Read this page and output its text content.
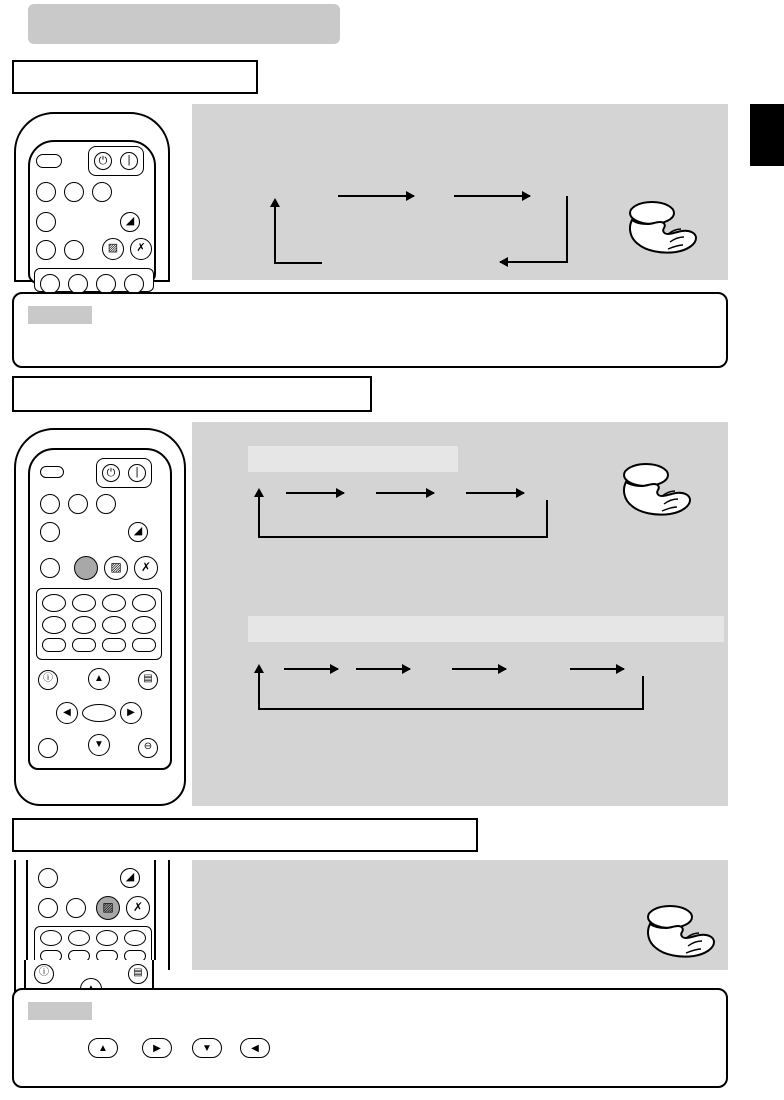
⏻	|
◢
▨	✗
⏻	|
◢
▨	✗
ⓘ	▤
▲
◀	▶
▼	⊖
◢
▨	✗
ⓘ	▤
▲	▶	▼	◀
